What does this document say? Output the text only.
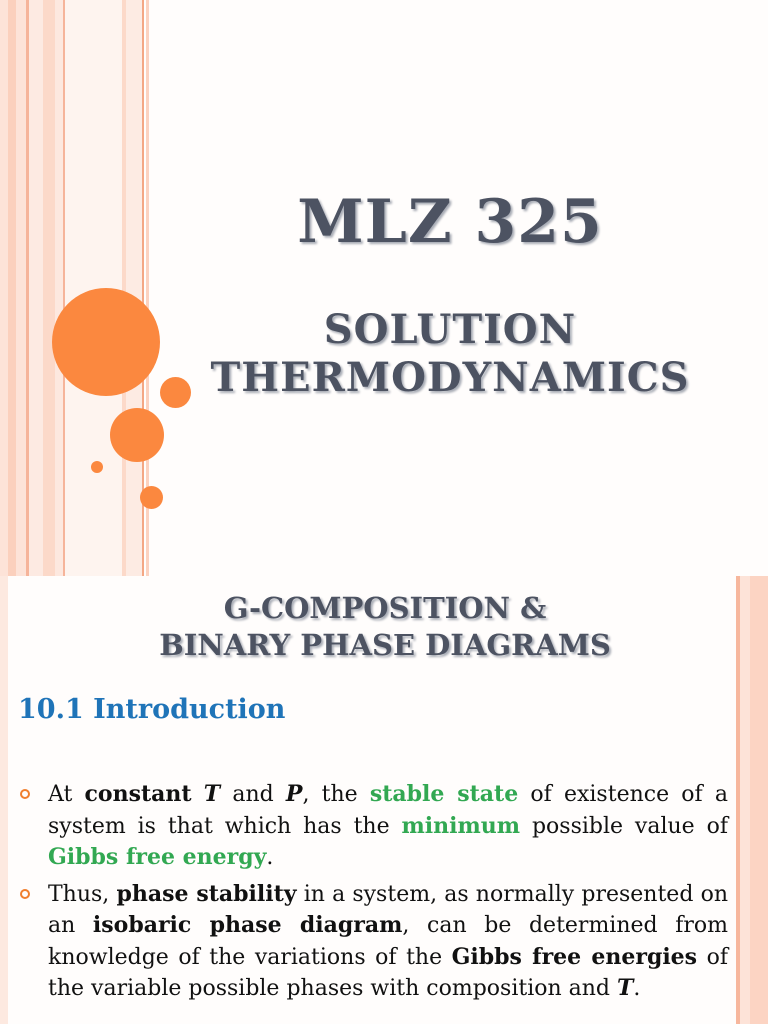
MLZ 325
SOLUTION
THERMODYNAMICS
G-COMPOSITION &
BINARY PHASE DIAGRAMS
10.1 Introduction
At constant T and P, the stable state of existence of a system is that which has the minimum possible value of Gibbs free energy.
Thus, phase stability in a system, as normally presented on an isobaric phase diagram, can be determined from knowledge of the variations of the Gibbs free energies of the variable possible phases with composition and T.
